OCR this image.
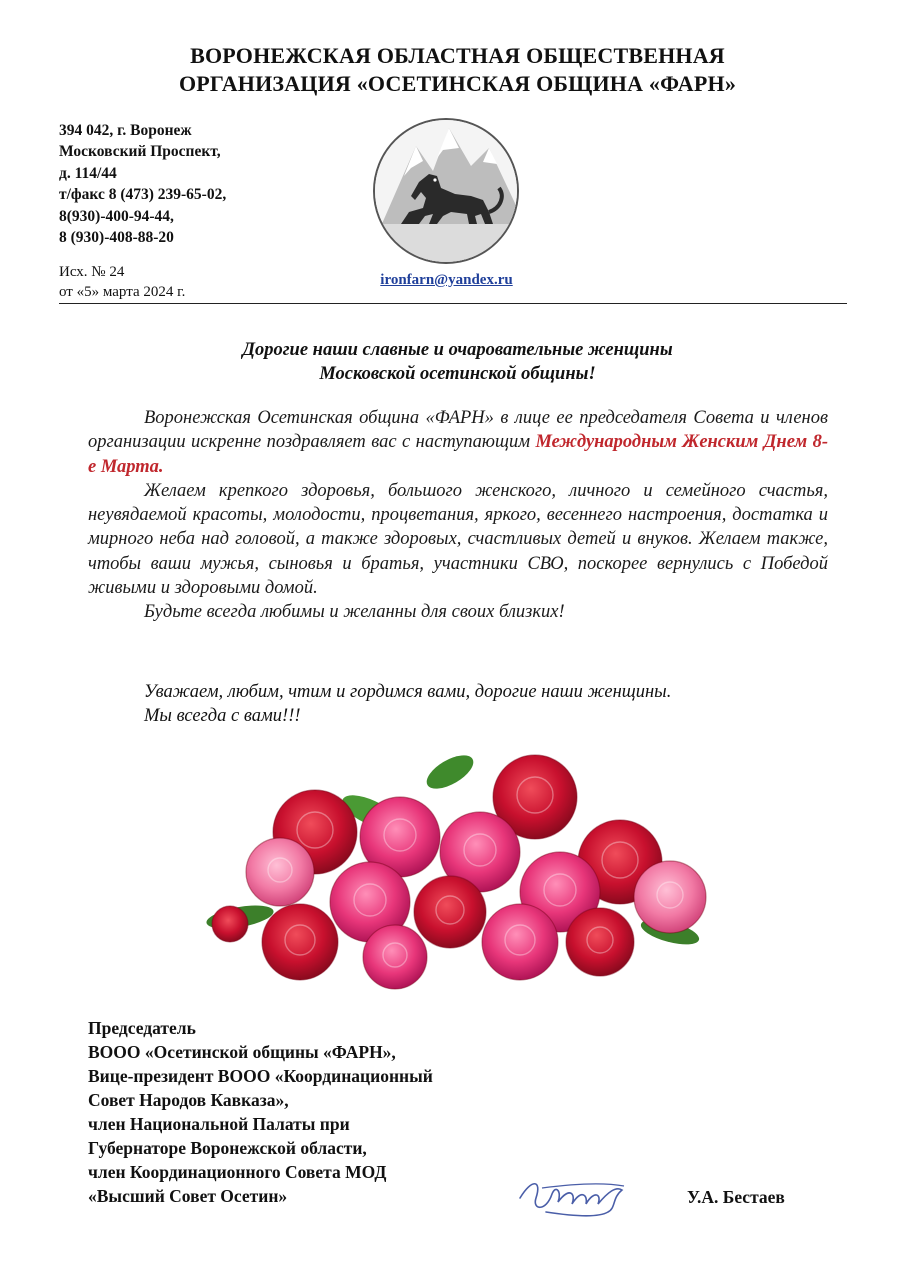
ВОРОНЕЖСКАЯ ОБЛАСТНАЯ ОБЩЕСТВЕННАЯ
ОРГАНИЗАЦИЯ «ОСЕТИНСКАЯ ОБЩИНА «ФАРН»
394 042, г. Воронеж
Московский Проспект,
д. 114/44
т/факс 8 (473) 239-65-02,
8(930)-400-94-44,
8 (930)-408-88-20
Исх. № 24
от «5» марта 2024 г.
ironfarn@yandex.ru
Дорогие наши славные и очаровательные женщины
Московской осетинской общины!

Воронежская Осетинская община «ФАРН» в лице ее председателя Совета и членов организации искренне поздравляет вас с наступающим Международным Женским Днем 8-е Марта.

Желаем крепкого здоровья, большого женского, личного и семейного счастья, неувядаемой красоты, молодости, процветания, яркого, весеннего настроения, достатка и мирного неба над головой, а также здоровых, счастливых детей и внуков. Желаем также, чтобы ваши мужья, сыновья и братья, участники СВО, поскорее вернулись с Победой живыми и здоровыми домой.

Будьте всегда любимы и желанны для своих близких!

Уважаем, любим, чтим и гордимся вами, дорогие наши женщины.
Мы всегда с вами!!!
Председатель
ВООО «Осетинской общины «ФАРН»,
Вице-президент ВООО «Координационный
Совет Народов Кавказа»,
член Национальной Палаты при
Губернаторе Воронежской области,
член Координационного Совета МОД
«Высший Совет Осетин»	У.А. Бестаев
